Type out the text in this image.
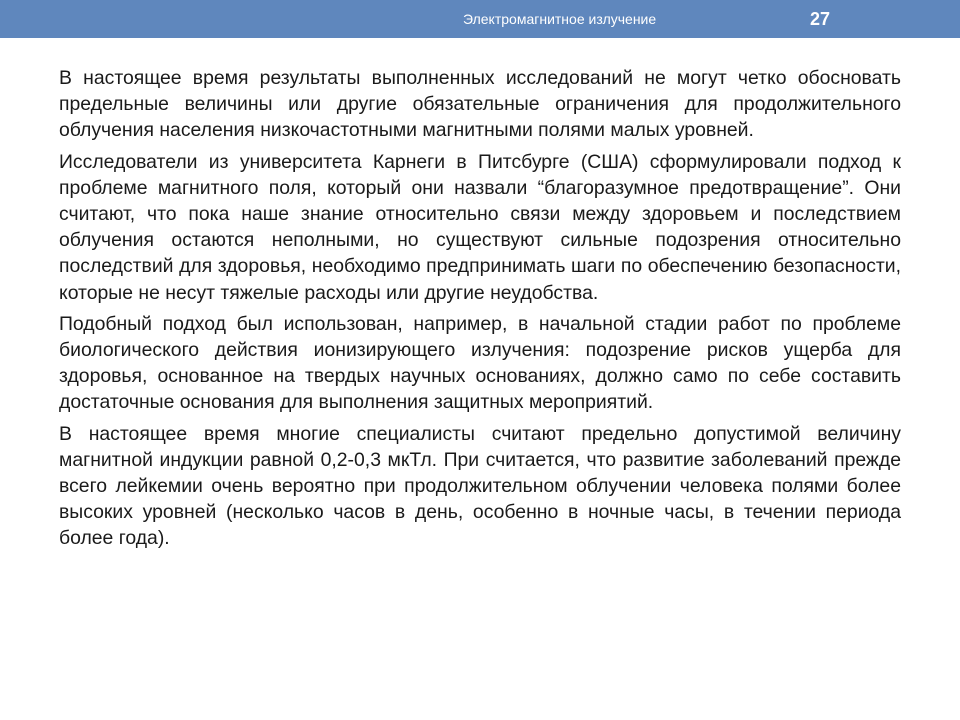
Электромагнитное излучение	27

В настоящее время результаты выполненных исследований не могут четко обосновать предельные величины или другие обязательные ограничения для продолжительного облучения населения низкочастотными магнитными полями малых уровней.

Исследователи из университета Карнеги в Питсбурге (США) сформулировали подход к проблеме магнитного поля, который они назвали “благоразумное предотвращение”. Они считают, что пока наше знание относительно связи между здоровьем и последствием облучения остаются неполными, но существуют сильные подозрения относительно последствий для здоровья, необходимо предпринимать шаги по обеспечению безопасности, которые не несут тяжелые расходы или другие неудобства.

Подобный подход был использован, например, в начальной стадии работ по проблеме биологического действия ионизирующего излучения: подозрение рисков ущерба для здоровья, основанное на твердых научных основаниях, должно само по себе составить достаточные основания для выполнения защитных мероприятий.

В настоящее время многие специалисты считают предельно допустимой величину магнитной индукции равной 0,2-0,3 мкТл. При считается, что развитие заболеваний прежде всего лейкемии очень вероятно при продолжительном облучении человека полями более высоких уровней (несколько часов в день, особенно в ночные часы, в течении периода более года).
